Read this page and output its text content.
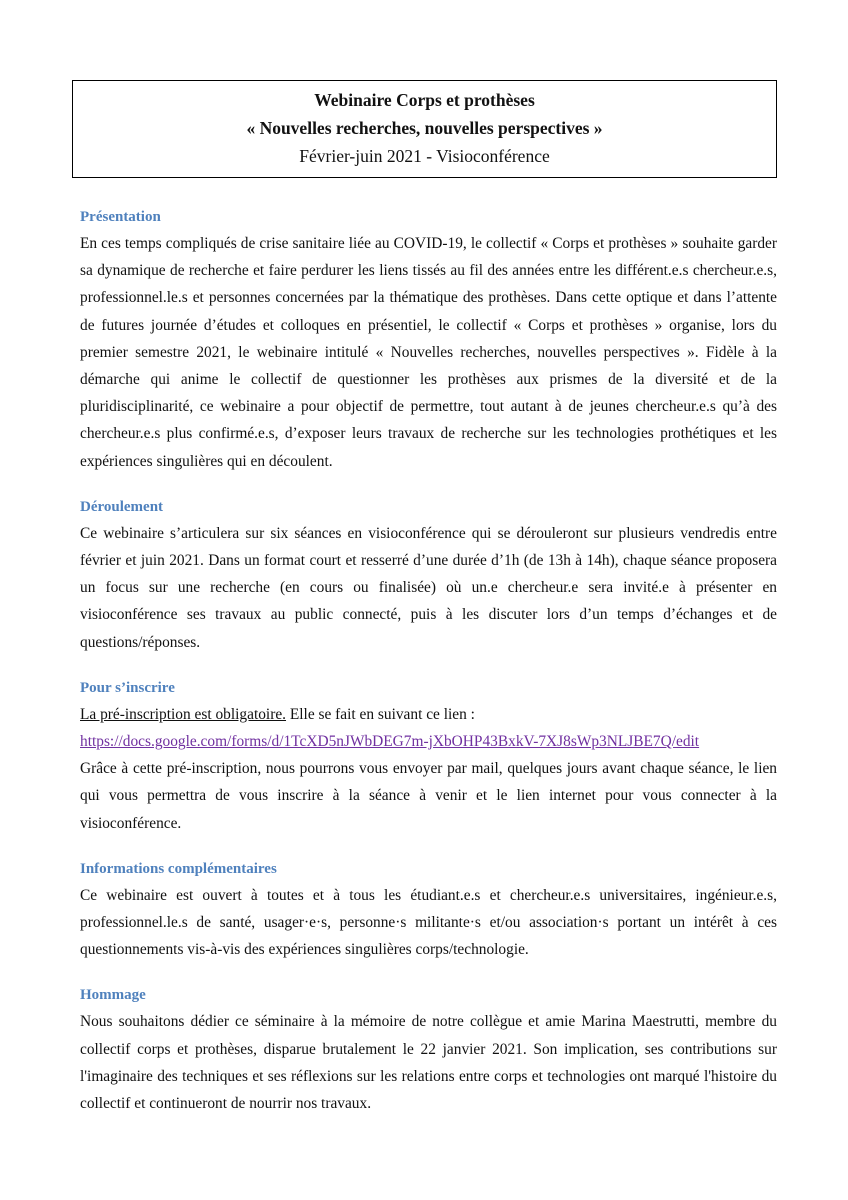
Webinaire Corps et prothèses

« Nouvelles recherches, nouvelles perspectives »

Février-juin 2021 - Visioconférence

Présentation

En ces temps compliqués de crise sanitaire liée au COVID-19, le collectif « Corps et prothèses » souhaite garder sa dynamique de recherche et faire perdurer les liens tissés au fil des années entre les différent.e.s chercheur.e.s, professionnel.le.s et personnes concernées par la thématique des prothèses. Dans cette optique et dans l’attente de futures journée d’études et colloques en présentiel, le collectif « Corps et prothèses » organise, lors du premier semestre 2021, le webinaire intitulé « Nouvelles recherches, nouvelles perspectives ». Fidèle à la démarche qui anime le collectif de questionner les prothèses aux prismes de la diversité et de la pluridisciplinarité, ce webinaire a pour objectif de permettre, tout autant à de jeunes chercheur.e.s qu’à des chercheur.e.s plus confirmé.e.s, d’exposer leurs travaux de recherche sur les technologies prothétiques et les expériences singulières qui en découlent.

Déroulement

Ce webinaire s’articulera sur six séances en visioconférence qui se dérouleront sur plusieurs vendredis entre février et juin 2021. Dans un format court et resserré d’une durée d’1h (de 13h à 14h), chaque séance proposera un focus sur une recherche (en cours ou finalisée) où un.e chercheur.e sera invité.e à présenter en visioconférence ses travaux au public connecté, puis à les discuter lors d’un temps d’échanges et de questions/réponses.

Pour s’inscrire

La pré-inscription est obligatoire. Elle se fait en suivant ce lien :

https://docs.google.com/forms/d/1TcXD5nJWbDEG7m-jXbOHP43BxkV-7XJ8sWp3NLJBE7Q/edit

Grâce à cette pré-inscription, nous pourrons vous envoyer par mail, quelques jours avant chaque séance, le lien qui vous permettra de vous inscrire à la séance à venir et le lien internet pour vous connecter à la visioconférence.

Informations complémentaires

Ce webinaire est ouvert à toutes et à tous les étudiant.e.s et chercheur.e.s universitaires, ingénieur.e.s, professionnel.le.s de santé, usager·e·s, personne·s militante·s et/ou association·s portant un intérêt à ces questionnements vis-à-vis des expériences singulières corps/technologie.

Hommage

Nous souhaitons dédier ce séminaire à la mémoire de notre collègue et amie Marina Maestrutti, membre du collectif corps et prothèses, disparue brutalement le 22 janvier 2021. Son implication, ses contributions sur l'imaginaire des techniques et ses réflexions sur les relations entre corps et technologies ont marqué l'histoire du collectif et continueront de nourrir nos travaux.
